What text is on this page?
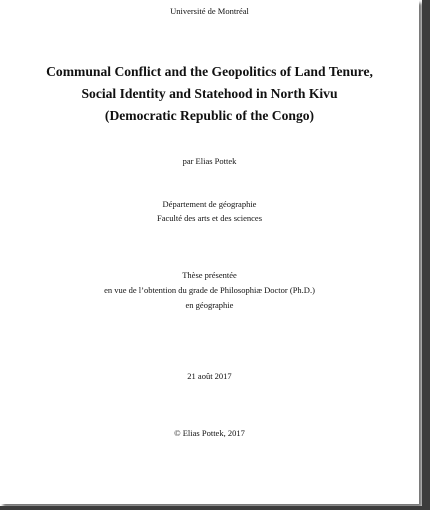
Université de Montréal
Communal Conflict and the Geopolitics of Land Tenure,
Social Identity and Statehood in North Kivu
(Democratic Republic of the Congo)
par Elias Pottek
Département de géographie
Faculté des arts et des sciences
Thèse présentée
en vue de l’obtention du grade de Philosophiæ Doctor (Ph.D.)
en géographie
21 août 2017
© Elias Pottek, 2017
